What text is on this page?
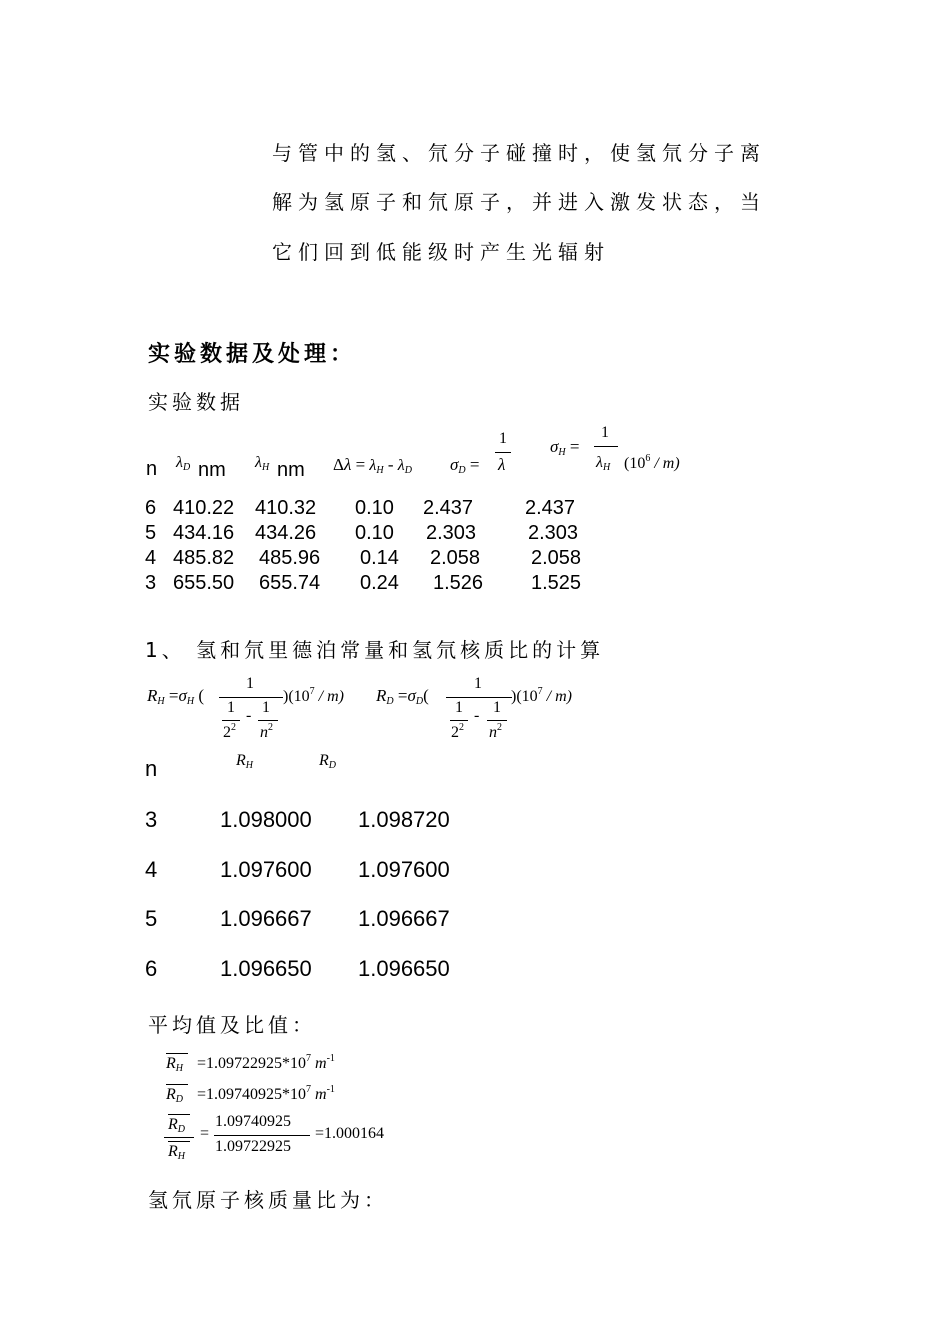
与管中的氢、氘分子碰撞时，使氢氘分子离
解为氢原子和氘原子，并进入激发状态，当
它们回到低能级时产生光辐射
实验数据及处理：
实验数据
n λD nm λH nm Δλ = λH - λD σD =
1
λ
σH =
1
λH $(10^6 / m)$
6 410.22 410.32 0.10 2.437	2.437
5 434.16 434.26 0.10 2.303	2.303
4 485.82 485.96 0.14 2.058	2.058
3 655.50 655.74 0.24 1.526 1.525
1、 氢和氘里德泊常量和氢氘核质比的计算
RH =σH (
1
1
$2^2$
- 1
$n^2$
)$(10^7 / m)$ RD =σD(
1
1
$2^2$
- 1
$n^2$
)$(10^7 / m)$
n	RH	RD
3	1.098000 1.098720
4	1.097600 1.097600
5	1.096667 1.096667
6	1.096650 1.096650
平均值及比值：
RH $=1.09722925*10^7$ $m^{-1}$
RD $=1.09740925*10^7$ $m^{-1}$
RD
RH
=
1.09740925
1.09722925
=1.000164
氢氘原子核质量比为：
